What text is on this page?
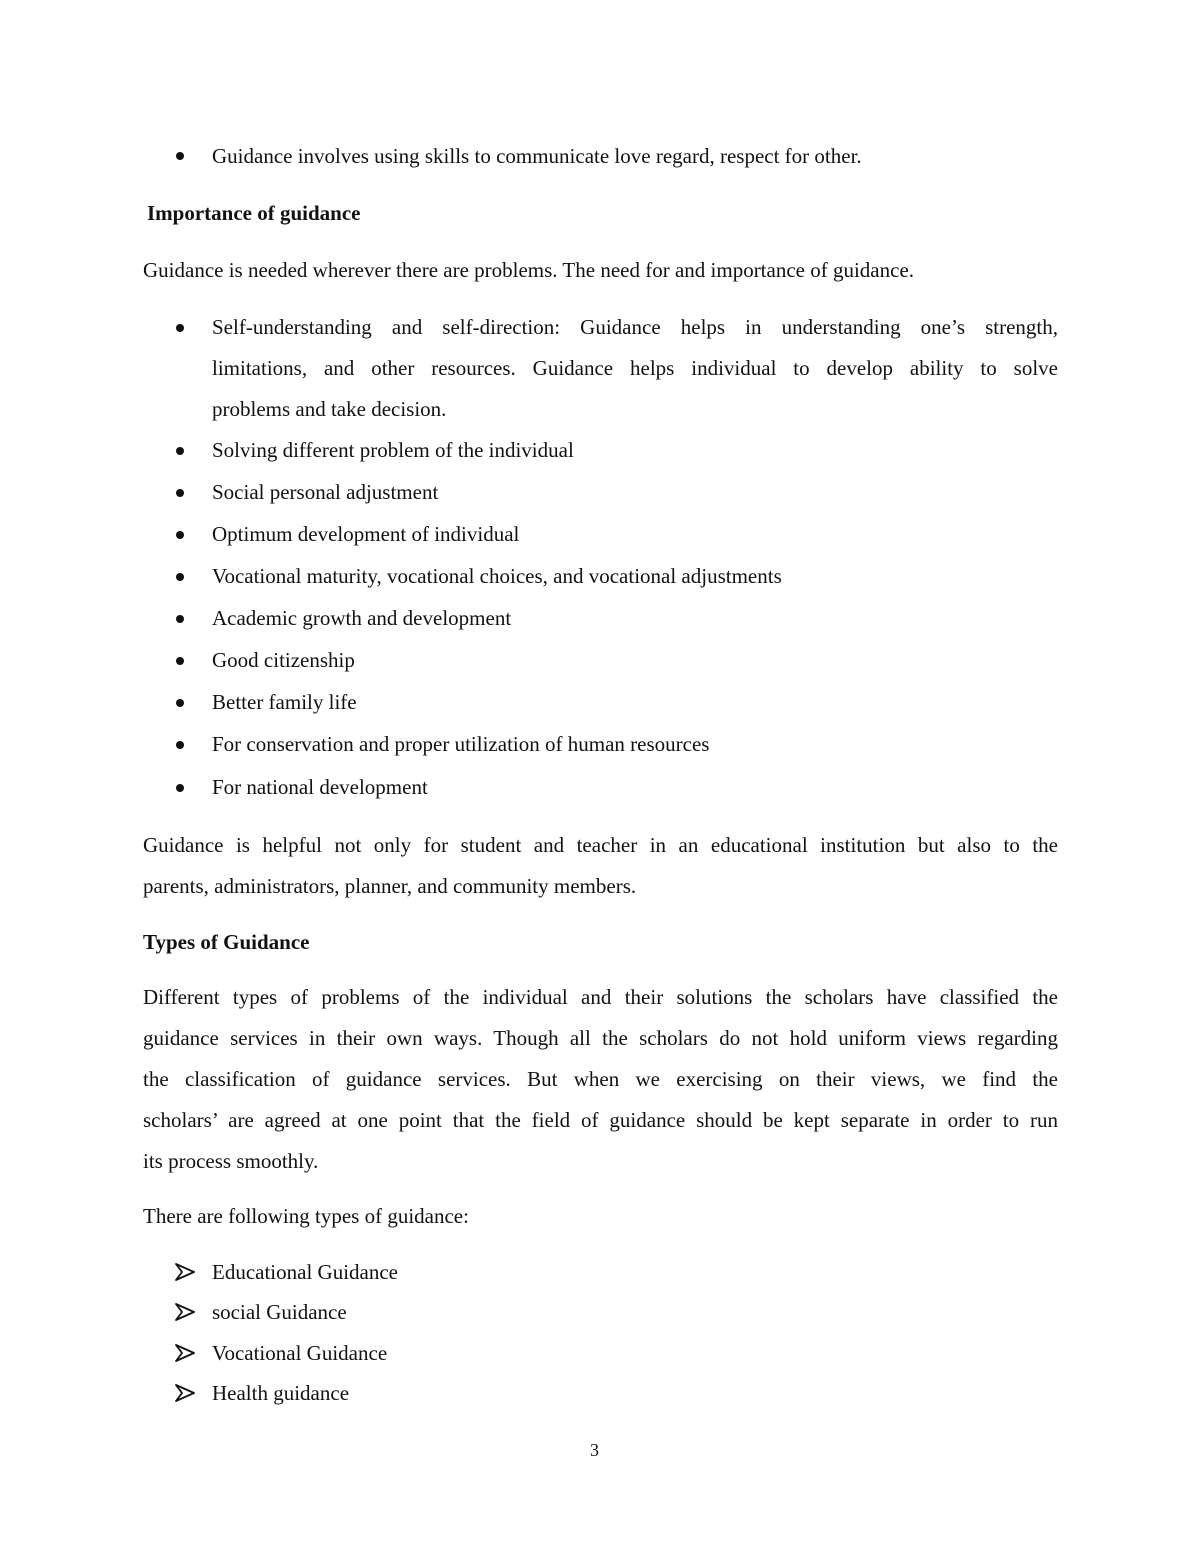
Guidance involves using skills to communicate love regard, respect for other.
Importance of guidance
Guidance is needed wherever there are problems. The need for and importance of guidance.
Self-understanding and self-direction: Guidance helps in understanding one’s strength,
limitations, and other resources. Guidance helps individual to develop ability to solve
problems and take decision.
Solving different problem of the individual
Social personal adjustment
Optimum development of individual
Vocational maturity, vocational choices, and vocational adjustments
Academic growth and development
Good citizenship
Better family life
For conservation and proper utilization of human resources
For national development
Guidance is helpful not only for student and teacher in an educational institution but also to the
parents, administrators, planner, and community members.
Types of Guidance
Different types of problems of the individual and their solutions the scholars have classified the
guidance services in their own ways. Though all the scholars do not hold uniform views regarding
the classification of guidance services. But when we exercising on their views, we find the
scholars’ are agreed at one point that the field of guidance should be kept separate in order to run
its process smoothly.
There are following types of guidance:
Educational Guidance
social Guidance
Vocational Guidance
Health guidance
3
